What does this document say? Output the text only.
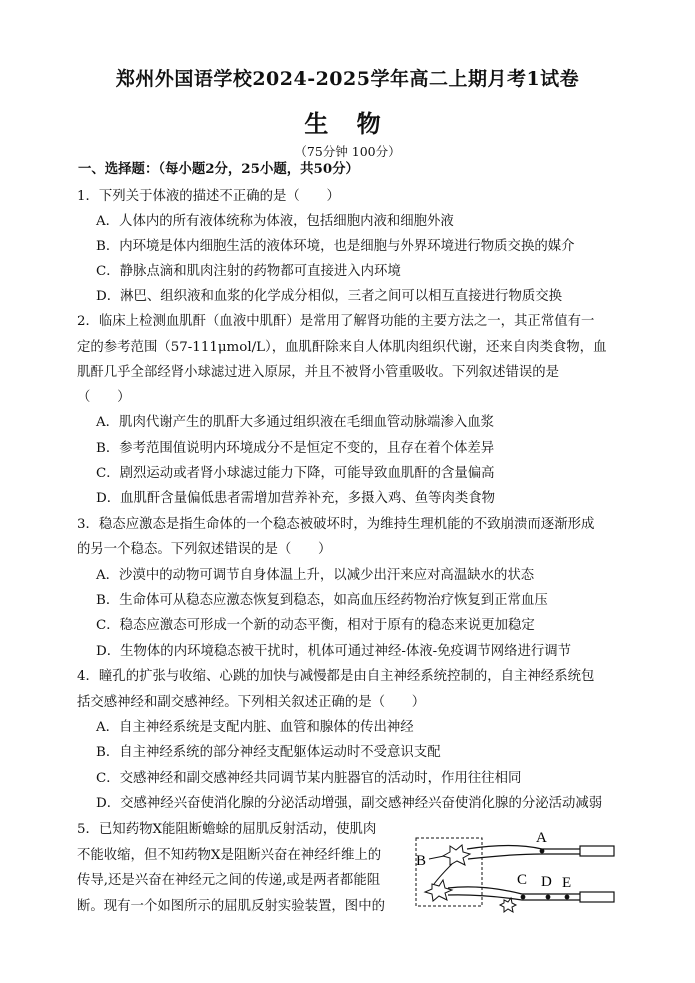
郑州外国语学校2024-2025学年高二上期月考1试卷
生 物
（75分钟 100分）
一、选择题：（每小题2分，25小题，共50分）
1．下列关于体液的描述不正确的是（　　）
A．人体内的所有液体统称为体液，包括细胞内液和细胞外液
B．内环境是体内细胞生活的液体环境，也是细胞与外界环境进行物质交换的媒介
C．静脉点滴和肌肉注射的药物都可直接进入内环境
D．淋巴、组织液和血浆的化学成分相似，三者之间可以相互直接进行物质交换
2．临床上检测血肌酐（血液中肌酐）是常用了解肾功能的主要方法之一，其正常值有一
定的参考范围（57-111μmol/L），血肌酐除来自人体肌肉组织代谢，还来自肉类食物，血
肌酐几乎全部经肾小球滤过进入原尿，并且不被肾小管重吸收。下列叙述错误的是
（　　）
A．肌肉代谢产生的肌酐大多通过组织液在毛细血管动脉端渗入血浆
B．参考范围值说明内环境成分不是恒定不变的，且存在着个体差异
C．剧烈运动或者肾小球滤过能力下降，可能导致血肌酐的含量偏高
D．血肌酐含量偏低患者需增加营养补充，多摄入鸡、鱼等肉类食物
3．稳态应激态是指生命体的一个稳态被破坏时，为维持生理机能的不致崩溃而逐渐形成
的另一个稳态。下列叙述错误的是（　　）
A．沙漠中的动物可调节自身体温上升，以减少出汗来应对高温缺水的状态
B．生命体可从稳态应激态恢复到稳态，如高血压经药物治疗恢复到正常血压
C．稳态应激态可形成一个新的动态平衡，相对于原有的稳态来说更加稳定
D．生物体的内环境稳态被干扰时，机体可通过神经-体液-免疫调节网络进行调节
4．瞳孔的扩张与收缩、心跳的加快与减慢都是由自主神经系统控制的，自主神经系统包
括交感神经和副交感神经。下列相关叙述正确的是（　　）
A．自主神经系统是支配内脏、血管和腺体的传出神经
B．自主神经系统的部分神经支配躯体运动时不受意识支配
C．交感神经和副交感神经共同调节某内脏器官的活动时，作用往往相同
D．交感神经兴奋使消化腺的分泌活动增强，副交感神经兴奋使消化腺的分泌活动减弱
5．已知药物X能阻断蟾蜍的屈肌反射活动，使肌肉
不能收缩，但不知药物X是阻断兴奋在神经纤维上的
传导,还是兴奋在神经元之间的传递,或是两者都能阻
断。现有一个如图所示的屈肌反射实验装置，图中的
A
B
C D E
